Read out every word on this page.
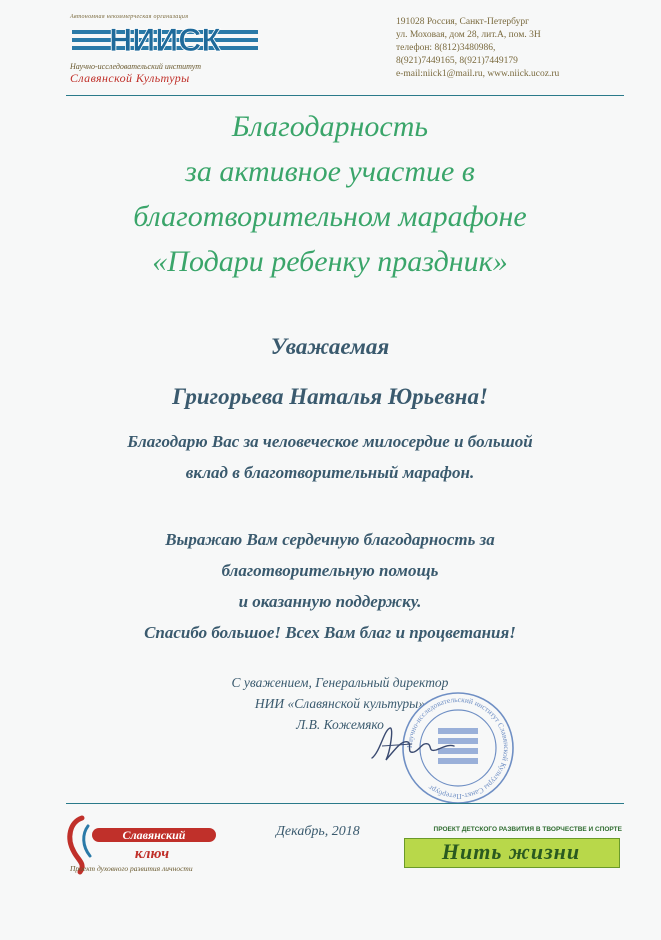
Автономная некоммерческая организация
НИИСК
Научно-исследовательский институт
Славянской Культуры
191028 Россия, Санкт-Петербург
ул. Моховая, дом 28, лит.А, пом. 3Н
телефон: 8(812)3480986,
8(921)7449165, 8(921)7449179
e-mail:niick1@mail.ru, www.niick.ucoz.ru
Благодарность
за активное участие в
благотворительном марафоне
«Подари ребенку праздник»
Уважаемая
Григорьева Наталья Юрьевна!
Благодарю Вас за человеческое милосердие и большой
вклад в благотворительный марафон.
Выражаю Вам сердечную благодарность за
благотворительную помощь
и оказанную поддержку.
Спасибо большое! Всех Вам благ и процветания!
С уважением, Генеральный директор
НИИ «Славянской культуры»
Л.В. Кожемяко
Научно-исследовательский институт Славянской Культуры Санкт-Петербург
Славянский
ключ
Проект духовного развития личности
Декабрь, 2018	ПРОЕКТ ДЕТСКОГО РАЗВИТИЯ В ТВОРЧЕСТВЕ И СПОРТЕ
Нить жизни
